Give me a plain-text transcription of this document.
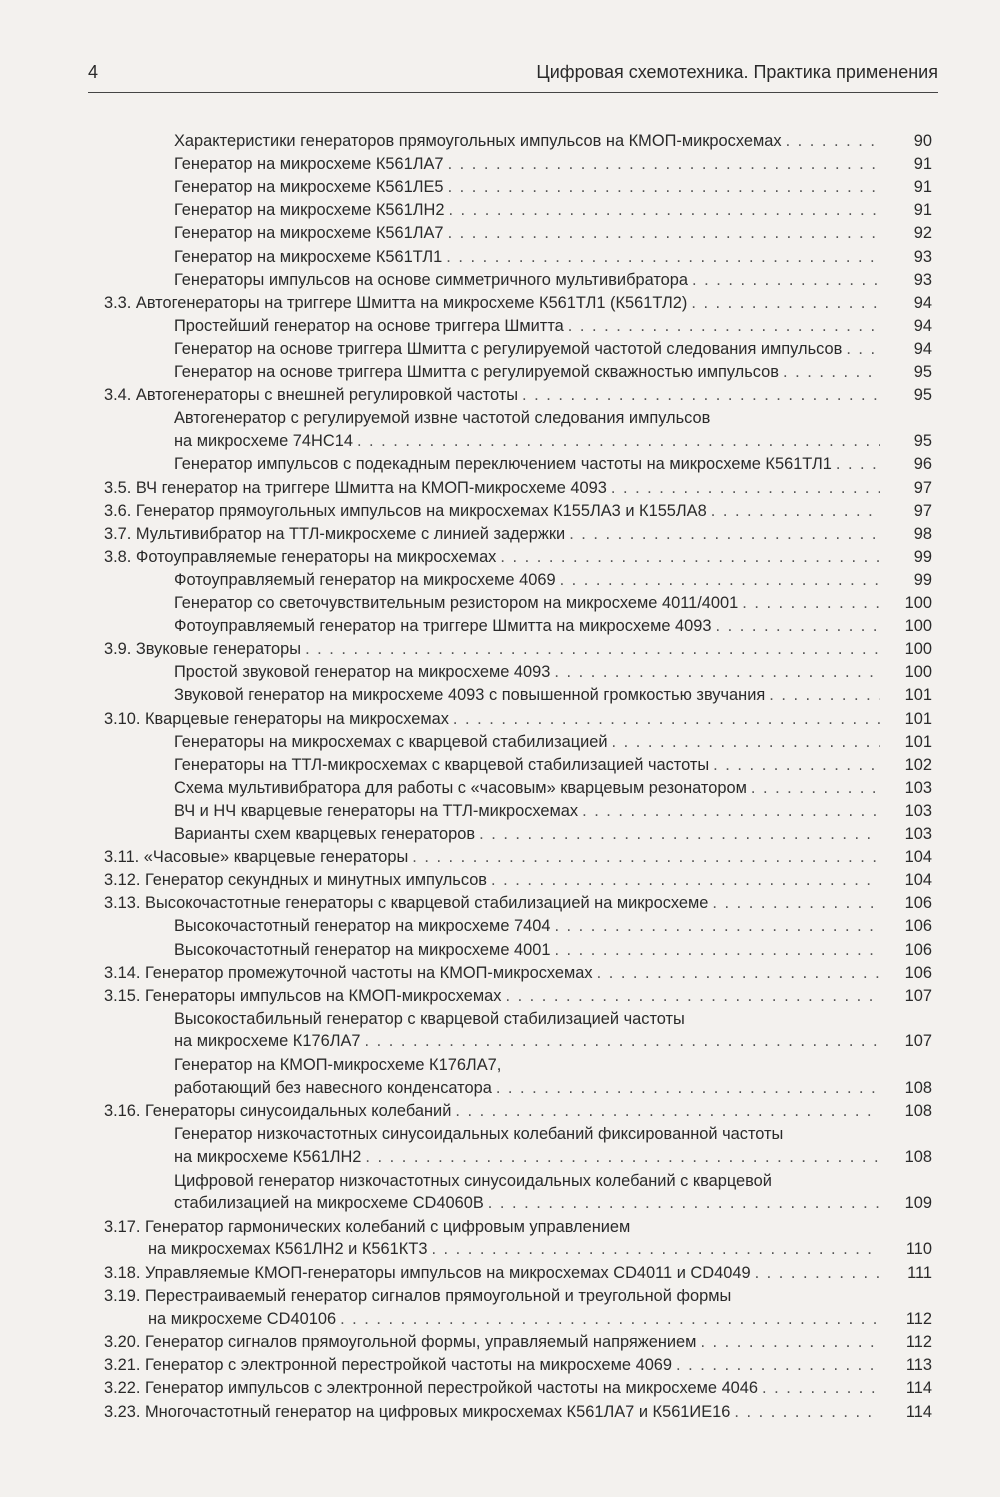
4	Цифровая схемотехника. Практика применения
Характеристики генераторов прямоугольных импульсов на КМОП-микросхемах . . .	90
Генератор на микросхеме К561ЛА7 . . .	91
Генератор на микросхеме К561ЛЕ5 . . .	91
Генератор на микросхеме К561ЛН2 . . .	91
Генератор на микросхеме К561ЛА7 . . .	92
Генератор на микросхеме К561ТЛ1 . . .	93
Генераторы импульсов на основе симметричного мультивибратора . . .	93
3.3. Автогенераторы на триггере Шмитта на микросхеме К561ТЛ1 (К561ТЛ2) . . .	94
Простейший генератор на основе триггера Шмитта . . .	94
Генератор на основе триггера Шмитта с регулируемой частотой следования импульсов . . .	94
Генератор на основе триггера Шмитта с регулируемой скважностью импульсов . . .	95
3.4. Автогенераторы с внешней регулировкой частоты . . .	95
Автогенератор с регулируемой извне частотой следования импульсов
на микросхеме 74НС14 . . .	95
Генератор импульсов с подекадным переключением частоты на микросхеме К561ТЛ1 . . .	96
3.5. ВЧ генератор на триггере Шмитта на КМОП-микросхеме 4093 . . .	97
3.6. Генератор прямоугольных импульсов на микросхемах К155ЛА3 и К155ЛА8 . . .	97
3.7. Мультивибратор на ТТЛ-микросхеме с линией задержки . . .	98
3.8. Фотоуправляемые генераторы на микросхемах . . .	99
Фотоуправляемый генератор на микросхеме 4069 . . .	99
Генератор со светочувствительным резистором на микросхеме 4011/4001 . . .	100
Фотоуправляемый генератор на триггере Шмитта на микросхеме 4093 . . .	100
3.9. Звуковые генераторы . . .	100
Простой звуковой генератор на микросхеме 4093 . . .	100
Звуковой генератор на микросхеме 4093 с повышенной громкостью звучания . . .	101
3.10. Кварцевые генераторы на микросхемах . . .	101
Генераторы на микросхемах с кварцевой стабилизацией . . .	101
Генераторы на ТТЛ-микросхемах с кварцевой стабилизацией частоты . . .	102
Схема мультивибратора для работы с «часовым» кварцевым резонатором . . .	103
ВЧ и НЧ кварцевые генераторы на ТТЛ-микросхемах . . .	103
Варианты схем кварцевых генераторов . . .	103
3.11. «Часовые» кварцевые генераторы . . .	104
3.12. Генератор секундных и минутных импульсов . . .	104
3.13. Высокочастотные генераторы с кварцевой стабилизацией на микросхеме . . .	106
Высокочастотный генератор на микросхеме 7404 . . .	106
Высокочастотный генератор на микросхеме 4001 . . .	106
3.14. Генератор промежуточной частоты на КМОП-микросхемах . . .	106
3.15. Генераторы импульсов на КМОП-микросхемах . . .	107
Высокостабильный генератор с кварцевой стабилизацией частоты
на микросхеме К176ЛА7 . . .	107
Генератор на КМОП-микросхеме К176ЛА7,
работающий без навесного конденсатора . . .	108
3.16. Генераторы синусоидальных колебаний . . .	108
Генератор низкочастотных синусоидальных колебаний фиксированной частоты
на микросхеме К561ЛН2 . . .	108
Цифровой генератор низкочастотных синусоидальных колебаний с кварцевой
стабилизацией на микросхеме CD4060B . . .	109
3.17. Генератор гармонических колебаний с цифровым управлением
на микросхемах К561ЛН2 и К561КТ3 . . .	110
3.18. Управляемые КМОП-генераторы импульсов на микросхемах CD4011 и CD4049 . . .	111
3.19. Перестраиваемый генератор сигналов прямоугольной и треугольной формы
на микросхеме CD40106 . . .	112
3.20. Генератор сигналов прямоугольной формы, управляемый напряжением . . .	112
3.21. Генератор с электронной перестройкой частоты на микросхеме 4069 . . .	113
3.22. Генератор импульсов с электронной перестройкой частоты на микросхеме 4046 . . .	114
3.23. Многочастотный генератор на цифровых микросхемах К561ЛА7 и К561ИЕ16 . . .	114
